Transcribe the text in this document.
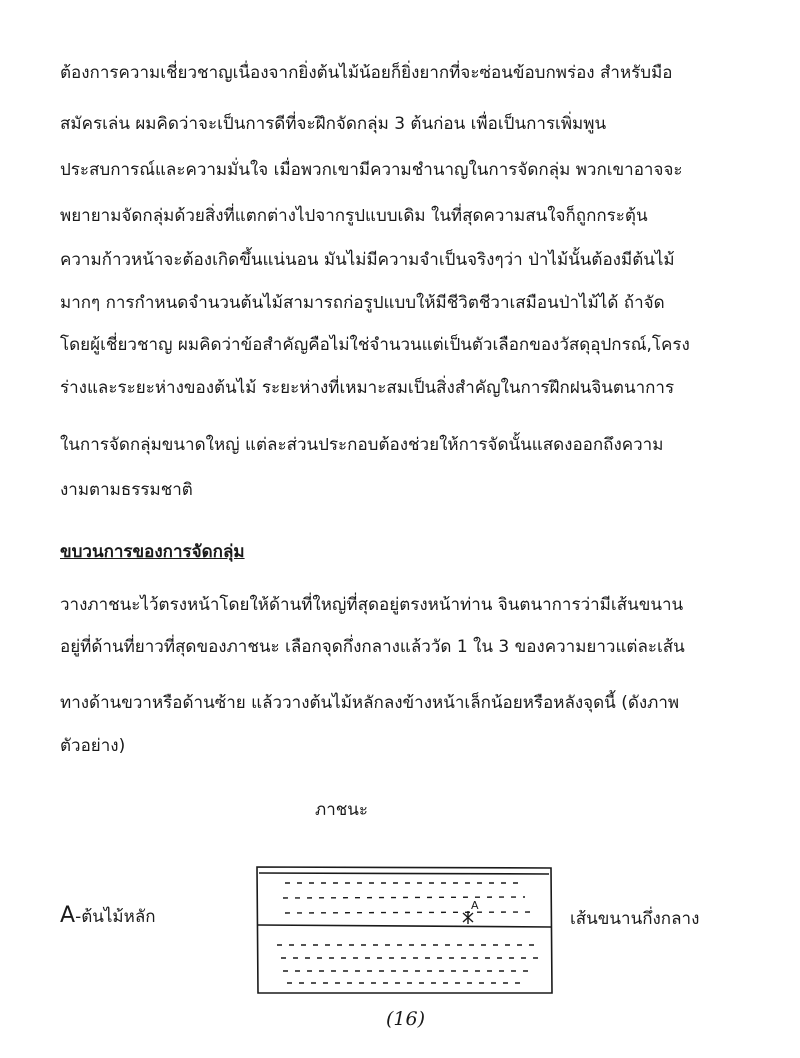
ต้องการความเชี่ยวชาญเนื่องจากยิ่งต้นไม้น้อยก็ยิ่งยากที่จะซ่อนข้อบกพร่อง สำหรับมือ
สมัครเล่น ผมคิดว่าจะเป็นการดีที่จะฝึกจัดกลุ่ม 3 ต้นก่อน เพื่อเป็นการเพิ่มพูน
ประสบการณ์และความมั่นใจ เมื่อพวกเขามีความชำนาญในการจัดกลุ่ม พวกเขาอาจจะ
พยายามจัดกลุ่มด้วยสิ่งที่แตกต่างไปจากรูปแบบเดิม ในที่สุดความสนใจก็ถูกกระตุ้น
ความก้าวหน้าจะต้องเกิดขึ้นแน่นอน มันไม่มีความจำเป็นจริงๆว่า ป่าไม้นั้นต้องมีต้นไม้
มากๆ การกำหนดจำนวนต้นไม้สามารถก่อรูปแบบให้มีชีวิตชีวาเสมือนป่าไม้ได้ ถ้าจัด
โดยผู้เชี่ยวชาญ ผมคิดว่าข้อสำคัญคือไม่ใช่จำนวนแต่เป็นตัวเลือกของวัสดุอุปกรณ์,โครง
ร่างและระยะห่างของต้นไม้ ระยะห่างที่เหมาะสมเป็นสิ่งสำคัญในการฝึกฝนจินตนาการ
ในการจัดกลุ่มขนาดใหญ่ แต่ละส่วนประกอบต้องช่วยให้การจัดนั้นแสดงออกถึงความ
งามตามธรรมชาติ
ขบวนการของการจัดกลุ่ม
วางภาชนะไว้ตรงหน้าโดยให้ด้านที่ใหญ่ที่สุดอยู่ตรงหน้าท่าน จินตนาการว่ามีเส้นขนาน
อยู่ที่ด้านที่ยาวที่สุดของภาชนะ เลือกจุดกึ่งกลางแล้ววัด 1 ใน 3 ของความยาวแต่ละเส้น
ทางด้านขวาหรือด้านซ้าย แล้ววางต้นไม้หลักลงข้างหน้าเล็กน้อยหรือหลังจุดนี้ (ดังภาพ
ตัวอย่าง)
ภาชนะ
A-ต้นไม้หลัก	เส้นขนานกึ่งกลาง
A
(16)
